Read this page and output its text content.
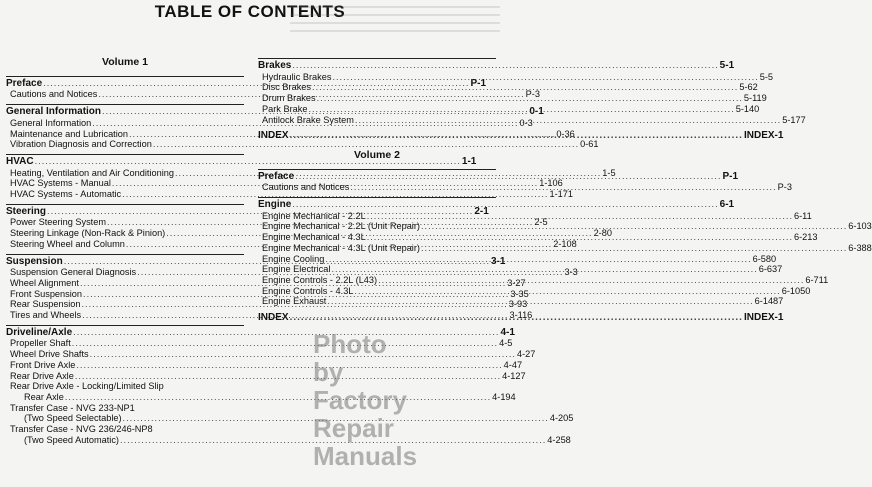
TABLE OF CONTENTS
Volume 1
Preface .....	P-1
Cautions and Notices .....	P-3
General Information .....	0-1
General Information .....	0-3
Maintenance and Lubrication .....	0-36
Vibration Diagnosis and Correction .....	0-61
HVAC .....	1-1
Heating, Ventilation and Air Conditioning .....	1-5
HVAC Systems - Manual .....	1-106
HVAC Systems - Automatic .....	1-171
Steering .....	2-1
Power Steering System .....	2-5
Steering Linkage (Non-Rack & Pinion) .....	2-80
Steering Wheel and Column .....	2-108
Suspension .....	3-1
Suspension General Diagnosis .....	3-3
Wheel Alignment .....	3-27
Front Suspension .....	3-35
Rear Suspension .....	3-93
Tires and Wheels .....	3-116
Driveline/Axle .....	4-1
Propeller Shaft .....	4-5
Wheel Drive Shafts .....	4-27
Front Drive Axle .....	4-47
Rear Drive Axle .....	4-127
Rear Drive Axle - Locking/Limited Slip
Rear Axle .....	4-194
Transfer Case - NVG 233-NP1
(Two Speed Selectable) .....	4-205
Transfer Case - NVG 236/246-NP8
(Two Speed Automatic) .....	4-258
Brakes .....	5-1
Hydraulic Brakes .....	5-5
Disc Brakes .....	5-62
Drum Brakes .....	5-119
Park Brake .....	5-140
Antilock Brake System .....	5-177
INDEX .....	INDEX-1
Volume 2
Preface .....	P-1
Cautions and Notices .....	P-3
Engine .....	6-1
Engine Mechanical - 2.2L .....	6-11
Engine Mechanical - 2.2L (Unit Repair) .....	6-103
Engine Mechanical - 4.3L .....	6-213
Engine Mechanical - 4.3L (Unit Repair) .....	6-388
Engine Cooling .....	6-580
Engine Electrical .....	6-637
Engine Controls - 2.2L (L43) .....	6-711
Engine Controls - 4.3L .....	6-1050
Engine Exhaust .....	6-1487
INDEX .....	INDEX-1
Photo
by
Factory
Repair
Manuals
